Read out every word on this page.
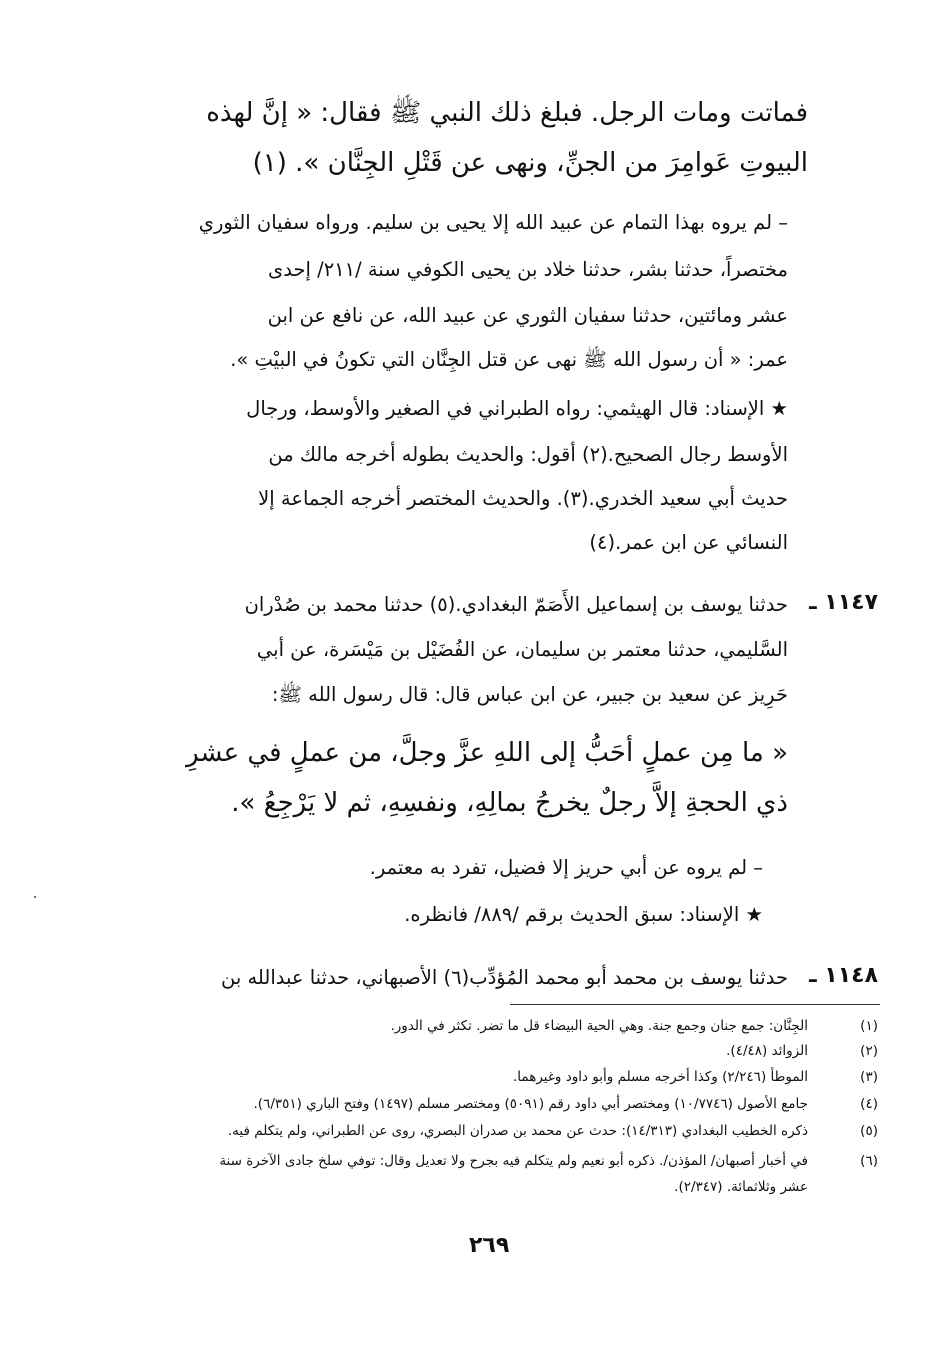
فماتت ومات الرجل. فبلغ ذلك النبي ﷺ فقال: « إنَّ لهذه
البيوتِ عَوامِرَ من الجنِّ، ونهى عن قَتْلِ الجِنَّان ». (١)
– لم يروه بهذا التمام عن عبيد الله إلا يحيى بن سليم. ورواه سفيان الثوري
مختصراً، حدثنا بشر، حدثنا خلاد بن يحيى الكوفي سنة /٢١١/ إحدى
عشر ومائتين، حدثنا سفيان الثوري عن عبيد الله، عن نافع عن ابن
عمر: « أن رسول الله ﷺ نهى عن قتل الجِنَّان التي تكونُ في البيْتِ ».
★ الإسناد: قال الهيثمي: رواه الطبراني في الصغير والأوسط، ورجال
الأوسط رجال الصحيح.(٢) أقول: والحديث بطوله أخرجه مالك من
حديث أبي سعيد الخدري.(٣). والحديث المختصر أخرجه الجماعة إلا
النسائي عن ابن عمر.(٤)
١١٤٧ ـ
حدثنا يوسف بن إسماعيل الأَصَمّ البغدادي.(٥) حدثنا محمد بن صُدْران
السَّليمي، حدثنا معتمر بن سليمان، عن الفُضَيْل بن مَيْسَرة، عن أبي
حَرِيز عن سعيد بن جبير، عن ابن عباس قال: قال رسول الله ﷺ:
« ما مِن عملٍ أحَبُّ إلى اللهِ عزَّ وجلَّ، من عملٍ في عشرِ
ذي الحجةِ إلاَّ رجلٌ يخرجُ بمالِهِ، ونفسِهِ، ثم لا يَرْجِعُ ».
– لم يروه عن أبي حريز إلا فضيل، تفرد به معتمر.
★ الإسناد: سبق الحديث برقم /٨٨٩/ فانظره.
١١٤٨ ـ
حدثنا يوسف بن محمد أبو محمد المُؤدِّب(٦) الأصبهاني، حدثنا عبدالله بن
(١)
الجِنَّان: جمع جنان وجمع جنة. وهي الحية البيضاء قل ما تضر. تكثر في الدور.
(٢)
الزوائد (٤/٤٨).
(٣)
الموطأ (٢/٢٤٦) وكذا أخرجه مسلم وأبو داود وغيرهما.
(٤)
جامع الأصول (١٠/٧٧٤٦) ومختصر أبي داود رقم (٥٠٩١) ومختصر مسلم (١٤٩٧) وفتح الباري (٦/٣٥١).
(٥)
ذكره الخطيب البغدادي (١٤/٣١٣): حدث عن محمد بن صدران البصري، روى عن الطبراني، ولم يتكلم فيه.
(٦)
في أخبار أصبهان/ المؤذن/. ذكره أبو نعيم ولم يتكلم فيه بجرح ولا تعديل وقال: توفي سلخ جادى الآخرة سنة
عشر وثلاثمائة. (٢/٣٤٧).
٢٦٩
